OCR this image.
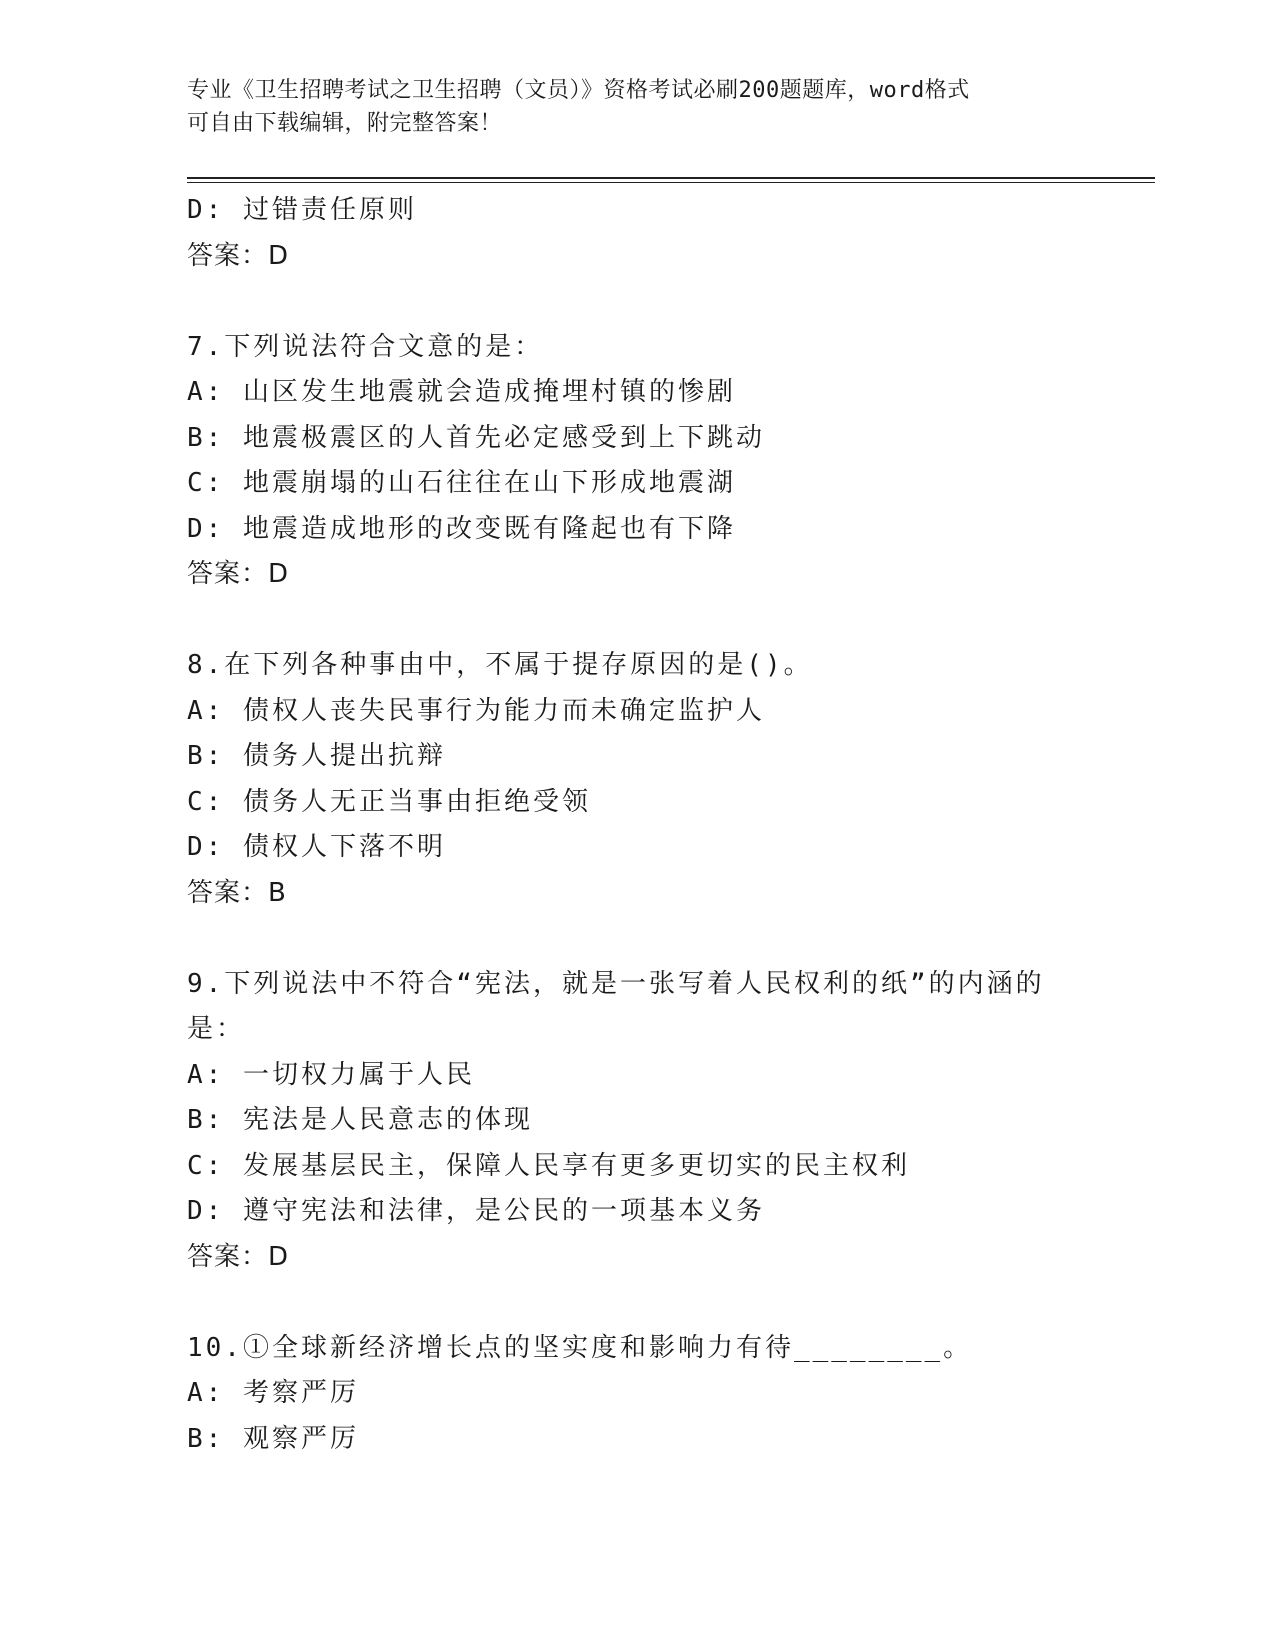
专业《卫生招聘考试之卫生招聘（文员）》资格考试必刷200题题库，word格式
可自由下载编辑，附完整答案！
D: 过错责任原则
答案：D
7.下列说法符合文意的是：
A: 山区发生地震就会造成掩埋村镇的惨剧
B: 地震极震区的人首先必定感受到上下跳动
C: 地震崩塌的山石往往在山下形成地震湖
D: 地震造成地形的改变既有隆起也有下降
答案：D
8.在下列各种事由中，不属于提存原因的是()。
A: 债权人丧失民事行为能力而未确定监护人
B: 债务人提出抗辩
C: 债务人无正当事由拒绝受领
D: 债权人下落不明
答案：B
9.下列说法中不符合“宪法，就是一张写着人民权利的纸”的内涵的
是：
A: 一切权力属于人民
B: 宪法是人民意志的体现
C: 发展基层民主，保障人民享有更多更切实的民主权利
D: 遵守宪法和法律，是公民的一项基本义务
答案：D
10.①全球新经济增长点的坚实度和影响力有待________。
A: 考察严厉
B: 观察严厉
